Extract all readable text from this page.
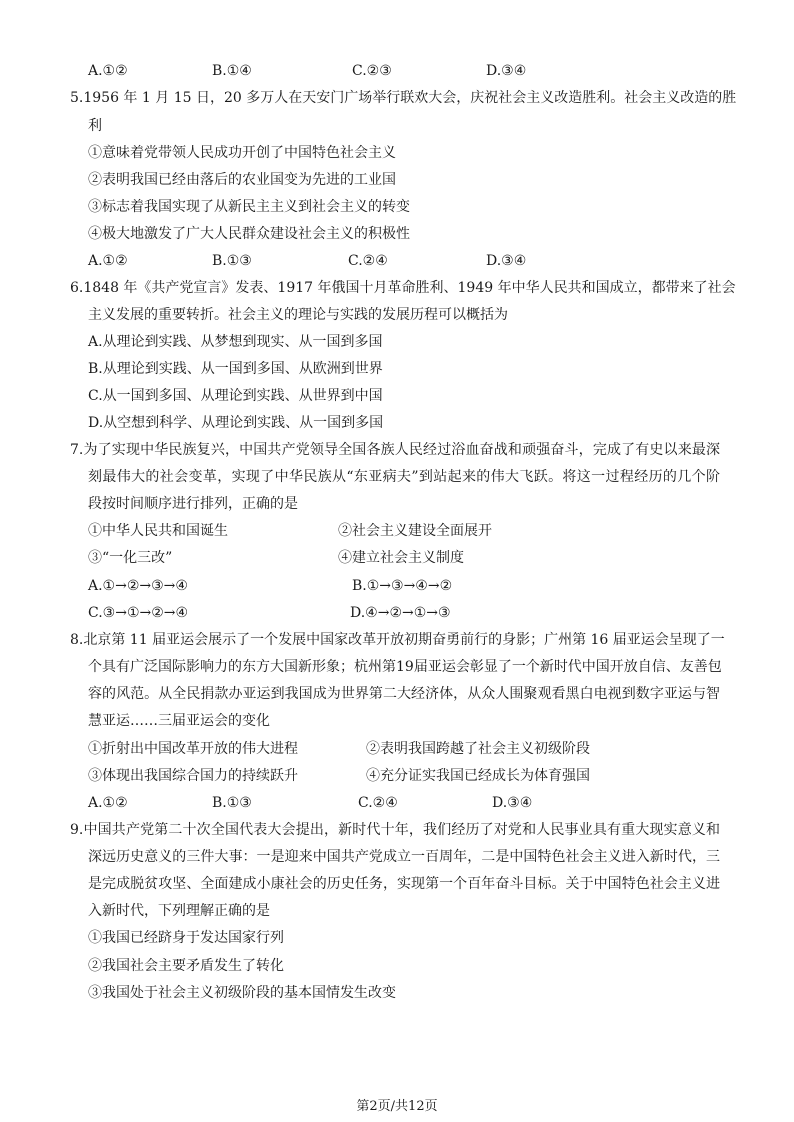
A.①②	B.①④	C.②③	D.③④
5.1956 年 1 月 15 日，20 多万人在天安门广场举行联欢大会，庆祝社会主义改造胜利。社会主义改造的胜
利
①意味着党带领人民成功开创了中国特色社会主义
②表明我国已经由落后的农业国变为先进的工业国
③标志着我国实现了从新民主主义到社会主义的转变
④极大地激发了广大人民群众建设社会主义的积极性
A.①②	B.①③	C.②④	D.③④
6.1848 年《共产党宣言》发表、1917 年俄国十月革命胜利、1949 年中华人民共和国成立，都带来了社会
主义发展的重要转折。社会主义的理论与实践的发展历程可以概括为
A.从理论到实践、从梦想到现实、从一国到多国
B.从理论到实践、从一国到多国、从欧洲到世界
C.从一国到多国、从理论到实践、从世界到中国
D.从空想到科学、从理论到实践、从一国到多国
7.为了实现中华民族复兴，中国共产党领导全国各族人民经过浴血奋战和顽强奋斗，完成了有史以来最深
刻最伟大的社会变革，实现了中华民族从“东亚病夫”到站起来的伟大飞跃。将这一过程经历的几个阶
段按时间顺序进行排列，正确的是
①中华人民共和国诞生	②社会主义建设全面展开
③“一化三改”	④建立社会主义制度
A.①→②→③→④	B.①→③→④→②
C.③→①→②→④	D.④→②→①→③
8.北京第 11 届亚运会展示了一个发展中国家改革开放初期奋勇前行的身影；广州第 16 届亚运会呈现了一
个具有广泛国际影响力的东方大国新形象；杭州第19届亚运会彰显了一个新时代中国开放自信、友善包
容的风范。从全民捐款办亚运到我国成为世界第二大经济体，从众人围聚观看黑白电视到数字亚运与智
慧亚运……三届亚运会的变化
①折射出中国改革开放的伟大进程	②表明我国跨越了社会主义初级阶段
③体现出我国综合国力的持续跃升	④充分证实我国已经成长为体育强国
A.①②	B.①③	C.②④	D.③④
9.中国共产党第二十次全国代表大会提出，新时代十年，我们经历了对党和人民事业具有重大现实意义和
深远历史意义的三件大事：一是迎来中国共产党成立一百周年，二是中国特色社会主义进入新时代，三
是完成脱贫攻坚、全面建成小康社会的历史任务，实现第一个百年奋斗目标。关于中国特色社会主义进
入新时代，下列理解正确的是
①我国已经跻身于发达国家行列
②我国社会主要矛盾发生了转化
③我国处于社会主义初级阶段的基本国情发生改变
第2页/共12页
